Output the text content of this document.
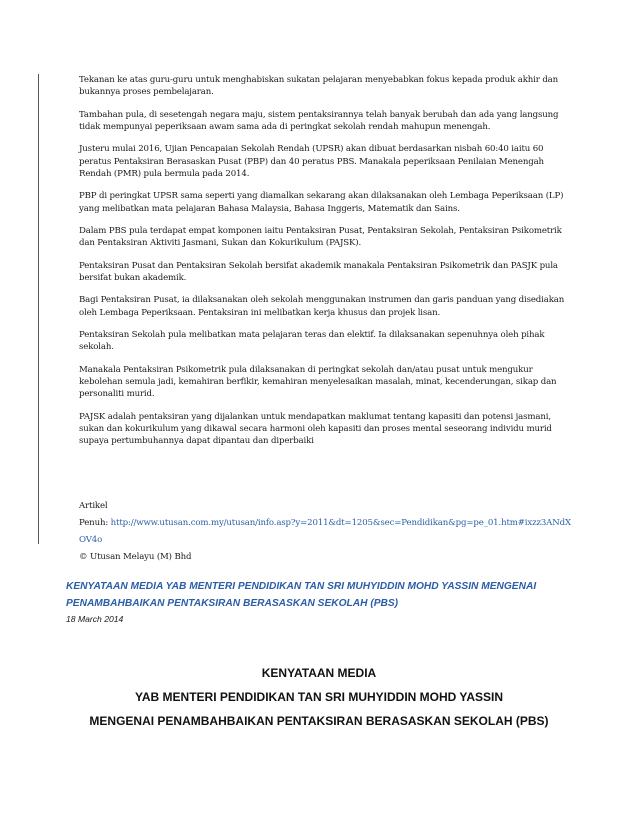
Tekanan ke atas guru-guru untuk menghabiskan sukatan pelajaran menyebabkan fokus kepada produk akhir dan bukannya proses pembelajaran.

Tambahan pula, di sesetengah negara maju, sistem pentaksirannya telah banyak berubah dan ada yang langsung tidak mempunyai peperiksaan awam sama ada di peringkat sekolah rendah mahupun menengah.

Justeru mulai 2016, Ujian Pencapaian Sekolah Rendah (UPSR) akan dibuat berdasarkan nisbah 60:40 iaitu 60 peratus Pentaksiran Berasaskan Pusat (PBP) dan 40 peratus PBS. Manakala peperiksaan Penilaian Menengah Rendah (PMR) pula bermula pada 2014.

PBP di peringkat UPSR sama seperti yang diamalkan sekarang akan dilaksanakan oleh Lembaga Peperiksaan (LP) yang melibatkan mata pelajaran Bahasa Malaysia, Bahasa Inggeris, Matematik dan Sains.

Dalam PBS pula terdapat empat komponen iaitu Pentaksiran Pusat, Pentaksiran Sekolah, Pentaksiran Psikometrik dan Pentaksiran Aktiviti Jasmani, Sukan dan Kokurikulum (PAJSK).

Pentaksiran Pusat dan Pentaksiran Sekolah bersifat akademik manakala Pentaksiran Psikometrik dan PASJK pula bersifat bukan akademik.

Bagi Pentaksiran Pusat, ia dilaksanakan oleh sekolah menggunakan instrumen dan garis panduan yang disediakan oleh Lembaga Peperiksaan. Pentaksiran ini melibatkan kerja khusus dan projek lisan.

Pentaksiran Sekolah pula melibatkan mata pelajaran teras dan elektif. Ia dilaksanakan sepenuhnya oleh pihak sekolah.

Manakala Pentaksiran Psikometrik pula dilaksanakan di peringkat sekolah dan/atau pusat untuk mengukur kebolehan semula jadi, kemahiran berfikir, kemahiran menyelesaikan masalah, minat, kecenderungan, sikap dan personaliti murid.

PAJSK adalah pentaksiran yang dijalankan untuk mendapatkan maklumat tentang kapasiti dan potensi jasmani, sukan dan kokurikulum yang dikawal secara harmoni oleh kapasiti dan proses mental seseorang individu murid supaya pertumbuhannya dapat dipantau dan diperbaiki

Artikel
Penuh: http://www.utusan.com.my/utusan/info.asp?y=2011&dt=1205&sec=Pendidikan&pg=pe_01.htm#ixzz3ANdX
OV4o
© Utusan Melayu (M) Bhd
KENYATAAN MEDIA YAB MENTERI PENDIDIKAN TAN SRI MUHYIDDIN MOHD YASSIN MENGENAI PENAMBAHBAIKAN PENTAKSIRAN BERASASKAN SEKOLAH (PBS)
18 March 2014
KENYATAAN MEDIA
YAB MENTERI PENDIDIKAN TAN SRI MUHYIDDIN MOHD YASSIN
MENGENAI PENAMBAHBAIKAN PENTAKSIRAN BERASASKAN SEKOLAH (PBS)
